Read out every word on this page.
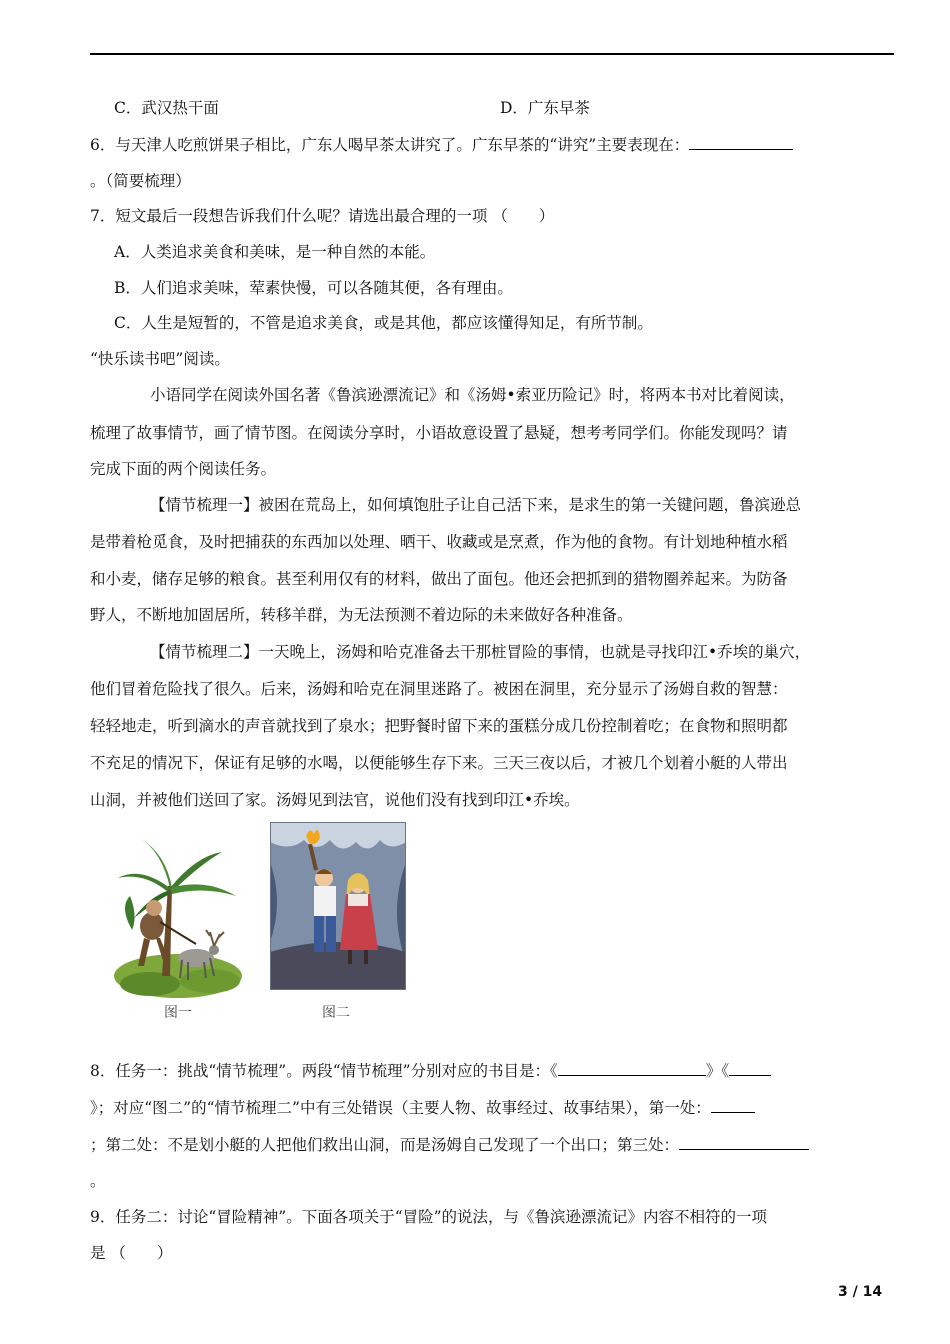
C．武汉热干面	D．广东早茶
6．与天津人吃煎饼果子相比，广东人喝早茶太讲究了。广东早茶的“讲究”主要表现在：
。（简要梳理）
7．短文最后一段想告诉我们什么呢？请选出最合理的一项 （　　）
A．人类追求美食和美味，是一种自然的本能。
B．人们追求美味，荤素快慢，可以各随其便，各有理由。
C．人生是短暂的，不管是追求美食，或是其他，都应该懂得知足，有所节制。
“快乐读书吧”阅读。
小语同学在阅读外国名著《鲁滨逊漂流记》和《汤姆•索亚历险记》时，将两本书对比着阅读，
梳理了故事情节，画了情节图。在阅读分享时，小语故意设置了悬疑，想考考同学们。你能发现吗？请
完成下面的两个阅读任务。
【情节梳理一】被困在荒岛上，如何填饱肚子让自己活下来，是求生的第一关键问题，鲁滨逊总
是带着枪觅食，及时把捕获的东西加以处理、晒干、收藏或是烹煮，作为他的食物。有计划地种植水稻
和小麦，储存足够的粮食。甚至利用仅有的材料，做出了面包。他还会把抓到的猎物圈养起来。为防备
野人，不断地加固居所，转移羊群，为无法预测不着边际的未来做好各种准备。
【情节梳理二】一天晚上，汤姆和哈克准备去干那桩冒险的事情，也就是寻找印江•乔埃的巢穴，
他们冒着危险找了很久。后来，汤姆和哈克在洞里迷路了。被困在洞里，充分显示了汤姆自救的智慧：
轻轻地走，听到滴水的声音就找到了泉水；把野餐时留下来的蛋糕分成几份控制着吃；在食物和照明都
不充足的情况下，保证有足够的水喝，以便能够生存下来。三天三夜以后，才被几个划着小艇的人带出
山洞，并被他们送回了家。汤姆见到法官，说他们没有找到印江•乔埃。
图一	图二
8．任务一：挑战“情节梳理”。两段“情节梳理”分别对应的书目是：《	》《
》；对应“图二”的“情节梳理二”中有三处错误（主要人物、故事经过、故事结果），第一处：
；第二处：不是划小艇的人把他们救出山洞，而是汤姆自己发现了一个出口；第三处：
。
9．任务二：讨论“冒险精神”。下面各项关于“冒险”的说法，与《鲁滨逊漂流记》内容不相符的一项
是 （　　）
3 / 14
